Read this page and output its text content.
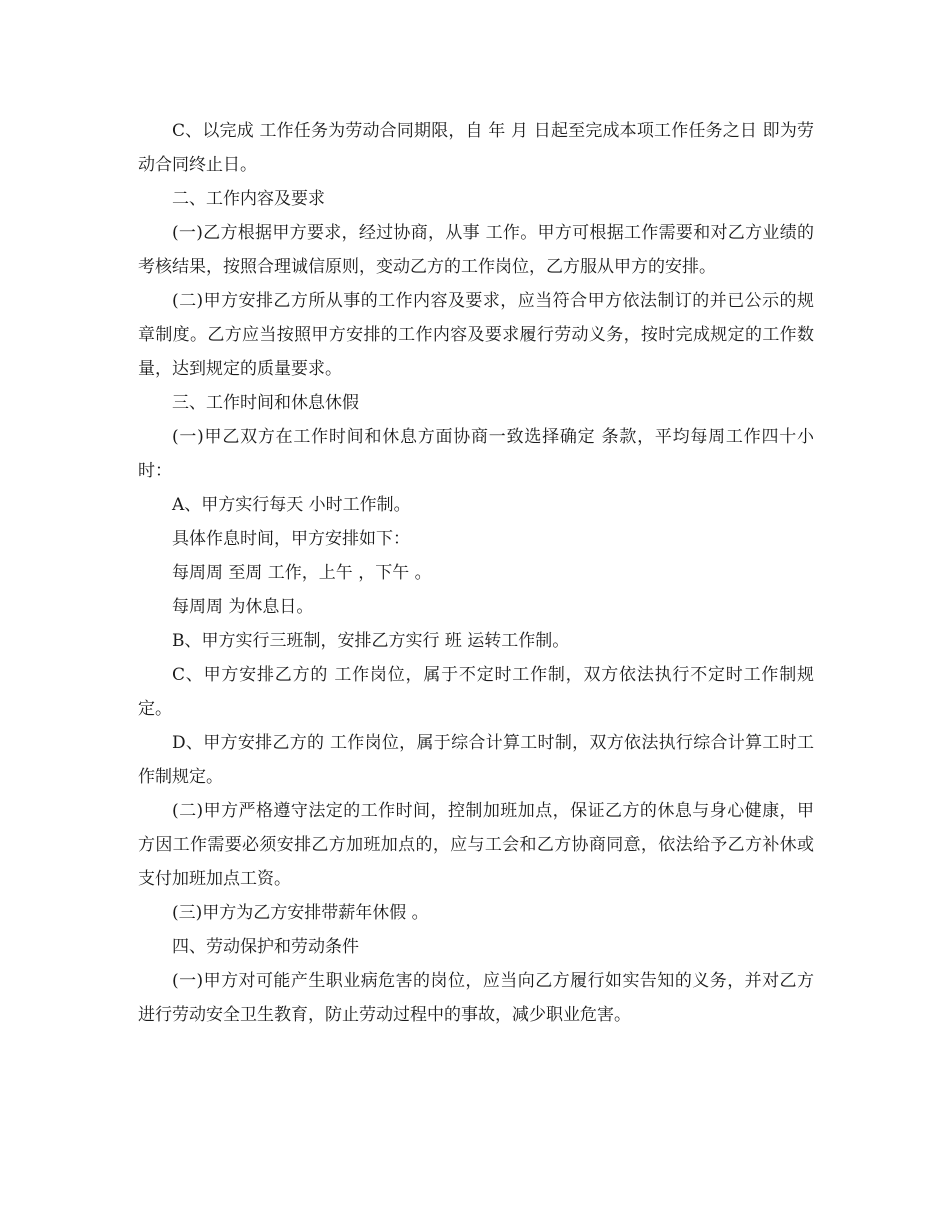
C、以完成 工作任务为劳动合同期限，自 年 月 日起至完成本项工作任务之日 即为劳动合同终止日。

二、工作内容及要求

(一)乙方根据甲方要求，经过协商，从事 工作。甲方可根据工作需要和对乙方业绩的考核结果，按照合理诚信原则，变动乙方的工作岗位，乙方服从甲方的安排。

(二)甲方安排乙方所从事的工作内容及要求，应当符合甲方依法制订的并已公示的规章制度。乙方应当按照甲方安排的工作内容及要求履行劳动义务，按时完成规定的工作数量，达到规定的质量要求。

三、工作时间和休息休假

(一)甲乙双方在工作时间和休息方面协商一致选择确定 条款，平均每周工作四十小时：

A、甲方实行每天 小时工作制。

具体作息时间，甲方安排如下：

每周周 至周 工作，上午 ，下午 。

每周周 为休息日。

B、甲方实行三班制，安排乙方实行 班 运转工作制。

C、甲方安排乙方的 工作岗位，属于不定时工作制，双方依法执行不定时工作制规定。

D、甲方安排乙方的 工作岗位，属于综合计算工时制，双方依法执行综合计算工时工作制规定。

(二)甲方严格遵守法定的工作时间，控制加班加点，保证乙方的休息与身心健康，甲方因工作需要必须安排乙方加班加点的，应与工会和乙方协商同意，依法给予乙方补休或支付加班加点工资。

(三)甲方为乙方安排带薪年休假 。

四、劳动保护和劳动条件

(一)甲方对可能产生职业病危害的岗位，应当向乙方履行如实告知的义务，并对乙方进行劳动安全卫生教育，防止劳动过程中的事故，减少职业危害。
